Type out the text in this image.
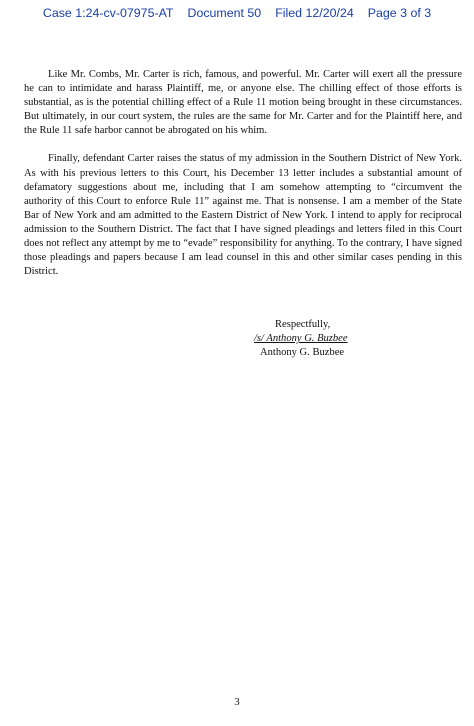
Case 1:24-cv-07975-AT Document 50 Filed 12/20/24 Page 3 of 3

Like Mr. Combs, Mr. Carter is rich, famous, and powerful. Mr. Carter will exert all the pressure he can to intimidate and harass Plaintiff, me, or anyone else. The chilling effect of those efforts is substantial, as is the potential chilling effect of a Rule 11 motion being brought in these circumstances. But ultimately, in our court system, the rules are the same for Mr. Carter and for the Plaintiff here, and the Rule 11 safe harbor cannot be abrogated on his whim.

Finally, defendant Carter raises the status of my admission in the Southern District of New York. As with his previous letters to this Court, his December 13 letter includes a substantial amount of defamatory suggestions about me, including that I am somehow attempting to “circumvent the authority of this Court to enforce Rule 11” against me. That is nonsense. I am a member of the State Bar of New York and am admitted to the Eastern District of New York. I intend to apply for reciprocal admission to the Southern District. The fact that I have signed pleadings and letters filed in this Court does not reflect any attempt by me to “evade” responsibility for anything. To the contrary, I have signed those pleadings and papers because I am lead counsel in this and other similar cases pending in this District.

Respectfully,
/s/ Anthony G. Buzbee
Anthony G. Buzbee
3
